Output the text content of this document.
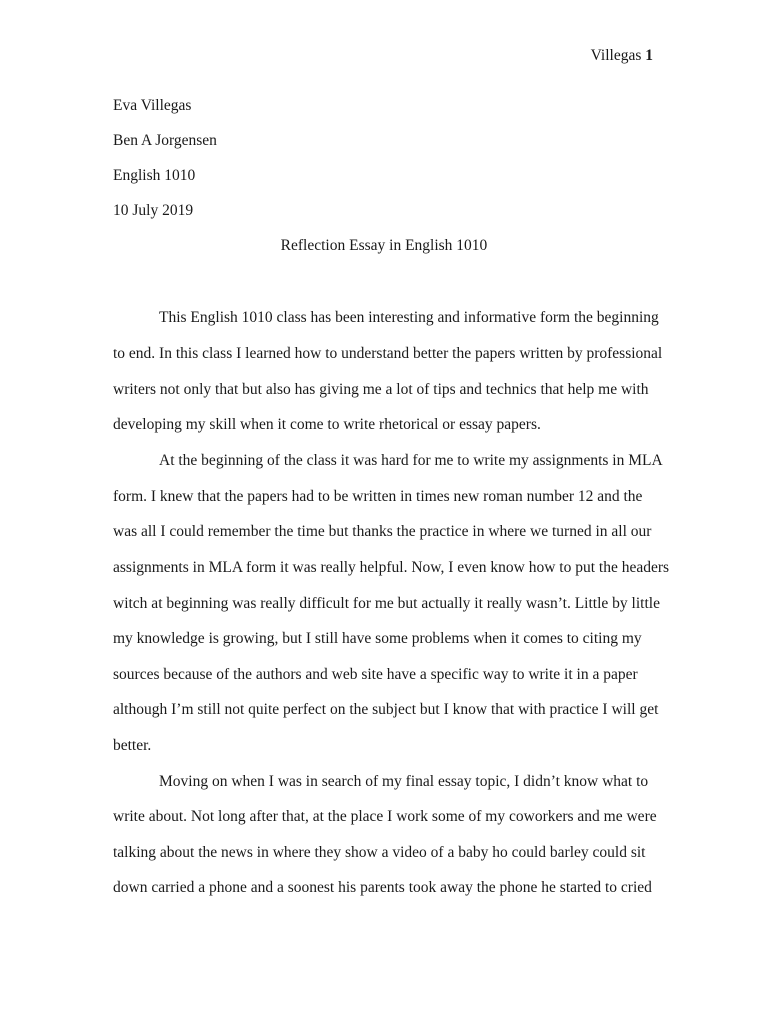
Villegas 1
Eva Villegas
Ben A Jorgensen
English 1010
10 July 2019
Reflection Essay in English 1010
This English 1010 class has been interesting and informative form the beginning
to end. In this class I learned how to understand better the papers written by professional
writers not only that but also has giving me a lot of tips and technics that help me with
developing my skill when it come to write rhetorical or essay papers.
At the beginning of the class it was hard for me to write my assignments in MLA
form. I knew that the papers had to be written in times new roman number 12 and the
was all I could remember the time but thanks the practice in where we turned in all our
assignments in MLA form it was really helpful. Now, I even know how to put the headers
witch at beginning was really difficult for me but actually it really wasn’t. Little by little
my knowledge is growing, but I still have some problems when it comes to citing my
sources because of the authors and web site have a specific way to write it in a paper
although I’m still not quite perfect on the subject but I know that with practice I will get
better.
Moving on when I was in search of my final essay topic, I didn’t know what to
write about. Not long after that, at the place I work some of my coworkers and me were
talking about the news in where they show a video of a baby ho could barley could sit
down carried a phone and a soonest his parents took away the phone he started to cried
